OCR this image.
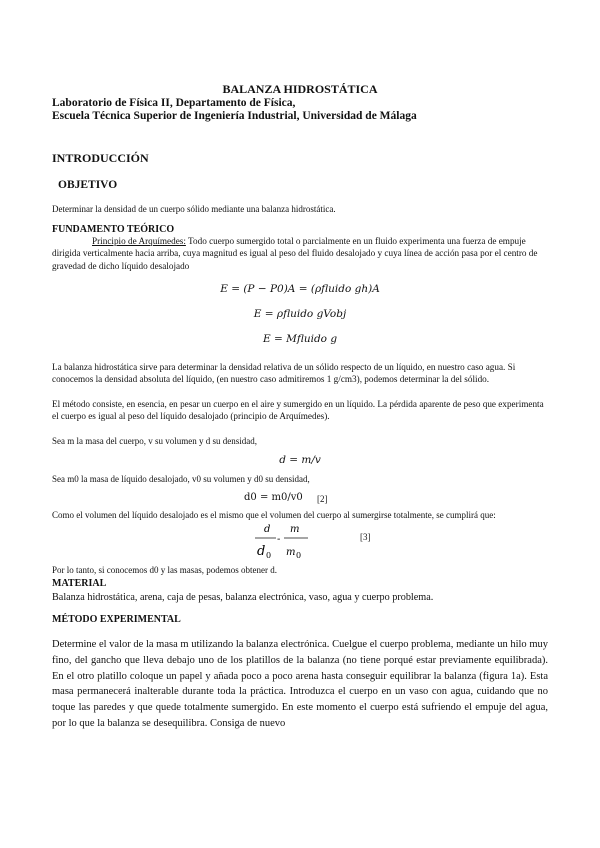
BALANZA HIDROSTÁTICA
Laboratorio de Física II, Departamento de Física,
Escuela Técnica Superior de Ingeniería Industrial, Universidad de Málaga
INTRODUCCIÓN
OBJETIVO
Determinar la densidad de un cuerpo sólido mediante una balanza hidrostática.
FUNDAMENTO TEÓRICO
Principio de Arquímedes: Todo cuerpo sumergido total o parcialmente en un fluido experimenta una fuerza de empuje dirigida verticalmente hacia arriba, cuya magnitud es igual al peso del fluido desalojado y cuya línea de acción pasa por el centro de gravedad de dicho líquido desalojado
E = (P − P0)A = (ρfluido gh)A
E = ρfluido gVobj
E = Mfluido g
La balanza hidrostática sirve para determinar la densidad relativa de un sólido respecto de un líquido, en nuestro caso agua. Si conocemos la densidad absoluta del líquido, (en nuestro caso admitiremos 1 g/cm3), podemos determinar la del sólido.
El método consiste, en esencia, en pesar un cuerpo en el aire y sumergido en un líquido. La pérdida aparente de peso que experimenta el cuerpo es igual al peso del líquido desalojado (principio de Arquímedes).
Sea m la masa del cuerpo, v su volumen y d su densidad,
d = m/v
Sea m0 la masa de líquido desalojado, v0 su volumen y d0 su densidad,
d0 = m0/v0 [2]
Como el volumen del líquido desalojado es el mismo que el volumen del cuerpo al sumergirse totalmente, se cumplirá que:
d
d 0
-
m
m 0
[3]
Por lo tanto, si conocemos d0 y las masas, podemos obtener d.
MATERIAL
Balanza hidrostática, arena, caja de pesas, balanza electrónica, vaso, agua y cuerpo problema.
MÉTODO EXPERIMENTAL
Determine el valor de la masa m utilizando la balanza electrónica. Cuelgue el cuerpo problema, mediante un hilo muy fino, del gancho que lleva debajo uno de los platillos de la balanza (no tiene porqué estar previamente equilibrada). En el otro platillo coloque un papel y añada poco a poco arena hasta conseguir equilibrar la balanza (figura 1a). Esta masa permanecerá inalterable durante toda la práctica. Introduzca el cuerpo en un vaso con agua, cuidando que no toque las paredes y que quede totalmente sumergido. En este momento el cuerpo está sufriendo el empuje del agua, por lo que la balanza se desequilibra. Consiga de nuevo
